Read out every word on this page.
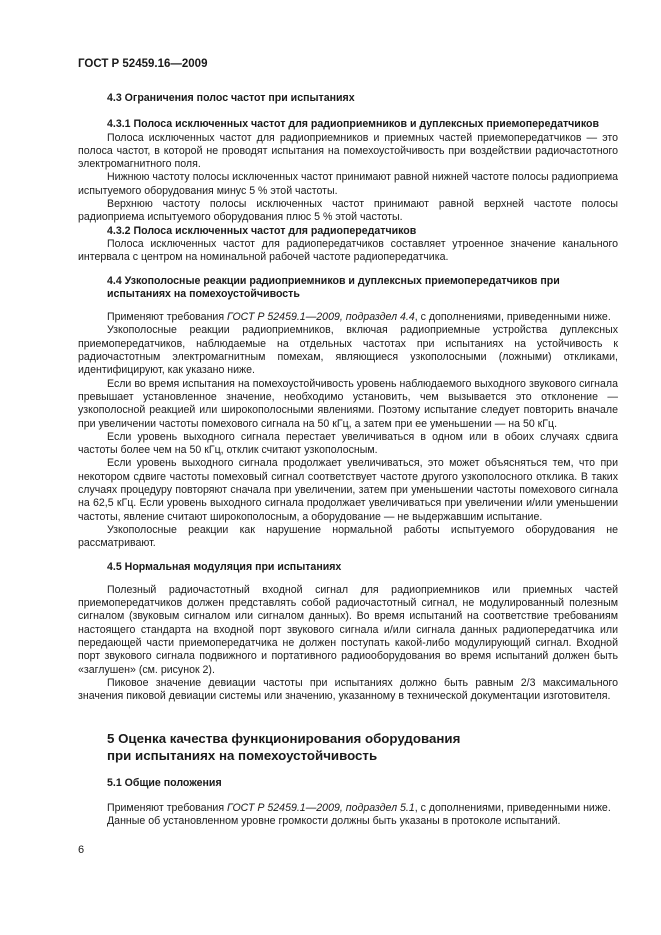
ГОСТ Р 52459.16—2009

4.3 Ограничения полос частот при испытаниях

4.3.1 Полоса исключенных частот для радиоприемников и дуплексных приемопередатчиков

Полоса исключенных частот для радиоприемников и приемных частей приемопередатчиков — это полоса частот, в которой не проводят испытания на помехоустойчивость при воздействии радиочастотного электромагнитного поля.

Нижнюю частоту полосы исключенных частот принимают равной нижней частоте полосы радиоприема испытуемого оборудования минус 5 % этой частоты.

Верхнюю частоту полосы исключенных частот принимают равной верхней частоте полосы радиоприема испытуемого оборудования плюс 5 % этой частоты.

4.3.2 Полоса исключенных частот для радиопередатчиков

Полоса исключенных частот для радиопередатчиков составляет утроенное значение канального интервала с центром на номинальной рабочей частоте радиопередатчика.

4.4 Узкополосные реакции радиоприемников и дуплексных приемопередатчиков при испытаниях на помехоустойчивость

Применяют требования ГОСТ Р 52459.1—2009, подраздел 4.4, с дополнениями, приведенными ниже.

Узкополосные реакции радиоприемников, включая радиоприемные устройства дуплексных приемопередатчиков, наблюдаемые на отдельных частотах при испытаниях на устойчивость к радиочастотным электромагнитным помехам, являющиеся узкополосными (ложными) откликами, идентифицируют, как указано ниже.

Если во время испытания на помехоустойчивость уровень наблюдаемого выходного звукового сигнала превышает установленное значение, необходимо установить, чем вызывается это отклонение — узкополосной реакцией или широкополосными явлениями. Поэтому испытание следует повторить вначале при увеличении частоты помехового сигнала на 50 кГц, а затем при ее уменьшении — на 50 кГц.

Если уровень выходного сигнала перестает увеличиваться в одном или в обоих случаях сдвига частоты более чем на 50 кГц, отклик считают узкополосным.

Если уровень выходного сигнала продолжает увеличиваться, это может объясняться тем, что при некотором сдвиге частоты помеховый сигнал соответствует частоте другого узкополосного отклика. В таких случаях процедуру повторяют сначала при увеличении, затем при уменьшении частоты помехового сигнала на 62,5 кГц. Если уровень выходного сигнала продолжает увеличиваться при увеличении и/или уменьшении частоты, явление считают широкополосным, а оборудование — не выдержавшим испытание.

Узкополосные реакции как нарушение нормальной работы испытуемого оборудования не рассматривают.

4.5 Нормальная модуляция при испытаниях

Полезный радиочастотный входной сигнал для радиоприемников или приемных частей приемопередатчиков должен представлять собой радиочастотный сигнал, не модулированный полезным сигналом (звуковым сигналом или сигналом данных). Во время испытаний на соответствие требованиям настоящего стандарта на входной порт звукового сигнала и/или сигнала данных радиопередатчика или передающей части приемопередатчика не должен поступать какой-либо модулирующий сигнал. Входной порт звукового сигнала подвижного и портативного радиооборудования во время испытаний должен быть «заглушен» (см. рисунок 2).

Пиковое значение девиации частоты при испытаниях должно быть равным 2/3 максимального значения пиковой девиации системы или значению, указанному в технической документации изготовителя.

5 Оценка качества функционирования оборудования
при испытаниях на помехоустойчивость

5.1 Общие положения

Применяют требования ГОСТ Р 52459.1—2009, подраздел 5.1, с дополнениями, приведенными ниже.

Данные об установленном уровне громкости должны быть указаны в протоколе испытаний.

6
